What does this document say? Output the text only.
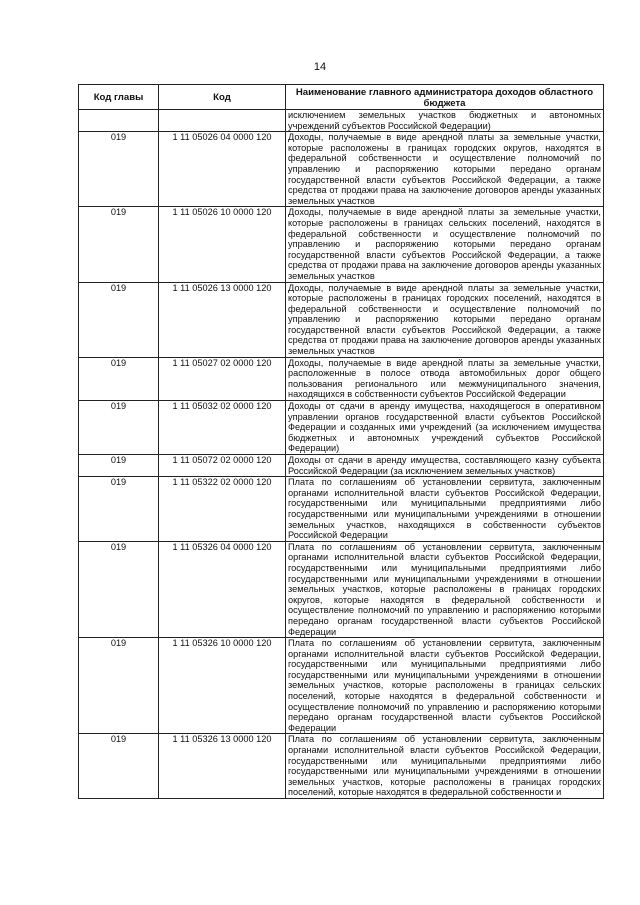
14
Код главы	Код	Наименование главного администратора доходов областного бюджета
		исключением земельных участков бюджетных и автономных учреждений субъектов Российской Федерации)
019	1 11 05026 04 0000 120	Доходы, получаемые в виде арендной платы за земельные участки, которые расположены в границах городских округов, находятся в федеральной собственности и осуществление полномочий по управлению и распоряжению которыми передано органам государственной власти субъектов Российской Федерации, а также средства от продажи права на заключение договоров аренды указанных земельных участков
019	1 11 05026 10 0000 120	Доходы, получаемые в виде арендной платы за земельные участки, которые расположены в границах сельских поселений, находятся в федеральной собственности и осуществление полномочий по управлению и распоряжению которыми передано органам государственной власти субъектов Российской Федерации, а также средства от продажи права на заключение договоров аренды указанных земельных участков
019	1 11 05026 13 0000 120	Доходы, получаемые в виде арендной платы за земельные участки, которые расположены в границах городских поселений, находятся в федеральной собственности и осуществление полномочий по управлению и распоряжению которыми передано органам государственной власти субъектов Российской Федерации, а также средства от продажи права на заключение договоров аренды указанных земельных участков
019	1 11 05027 02 0000 120	Доходы, получаемые в виде арендной платы за земельные участки, расположенные в полосе отвода автомобильных дорог общего пользования регионального или межмуниципального значения, находящихся в собственности субъектов Российской Федерации
019	1 11 05032 02 0000 120	Доходы от сдачи в аренду имущества, находящегося в оперативном управлении органов государственной власти субъектов Российской Федерации и созданных ими учреждений (за исключением имущества бюджетных и автономных учреждений субъектов Российской Федерации)
019	1 11 05072 02 0000 120	Доходы от сдачи в аренду имущества, составляющего казну субъекта Российской Федерации (за исключением земельных участков)
019	1 11 05322 02 0000 120	Плата по соглашениям об установлении сервитута, заключенным органами исполнительной власти субъектов Российской Федерации, государственными или муниципальными предприятиями либо государственными или муниципальными учреждениями в отношении земельных участков, находящихся в собственности субъектов Российской Федерации
019	1 11 05326 04 0000 120	Плата по соглашениям об установлении сервитута, заключенным органами исполнительной власти субъектов Российской Федерации, государственными или муниципальными предприятиями либо государственными или муниципальными учреждениями в отношении земельных участков, которые расположены в границах городских округов, которые находятся в федеральной собственности и осуществление полномочий по управлению и распоряжению которыми передано органам государственной власти субъектов Российской Федерации
019	1 11 05326 10 0000 120	Плата по соглашениям об установлении сервитута, заключенным органами исполнительной власти субъектов Российской Федерации, государственными или муниципальными предприятиями либо государственными или муниципальными учреждениями в отношении земельных участков, которые расположены в границах сельских поселений, которые находятся в федеральной собственности и осуществление полномочий по управлению и распоряжению которыми передано органам государственной власти субъектов Российской Федерации
019	1 11 05326 13 0000 120	Плата по соглашениям об установлении сервитута, заключенным органами исполнительной власти субъектов Российской Федерации, государственными или муниципальными предприятиями либо государственными или муниципальными учреждениями в отношении земельных участков, которые расположены в границах городских поселений, которые находятся в федеральной собственности и
